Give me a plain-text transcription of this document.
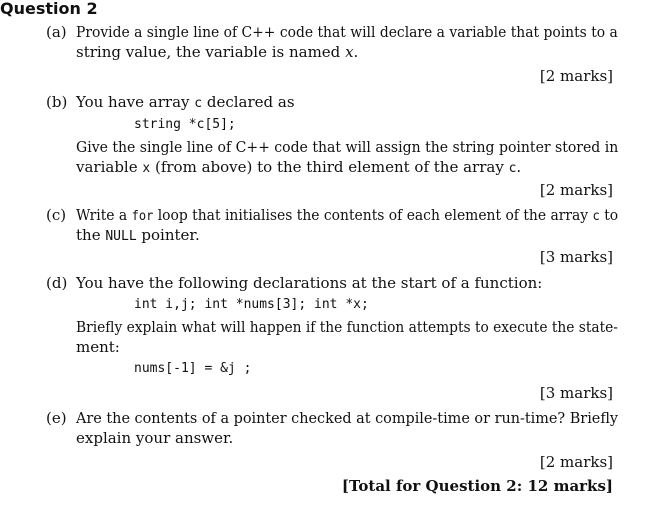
Question 2
(a) Provide a single line of C++ code that will declare a variable that points to a
string value, the variable is named x.
[2 marks]
(b) You have array c declared as
string *c[5];
Give the single line of C++ code that will assign the string pointer stored in
variable x (from above) to the third element of the array c.
[2 marks]
(c) Write a for loop that initialises the contents of each element of the array c to
the NULL pointer.
[3 marks]
(d) You have the following declarations at the start of a function:
int i,j; int *nums[3]; int *x;
Briefly explain what will happen if the function attempts to execute the state-
ment:
nums[-1] = &j ;
[3 marks]
(e) Are the contents of a pointer checked at compile-time or run-time? Briefly
explain your answer.
[2 marks]
[Total for Question 2: 12 marks]
